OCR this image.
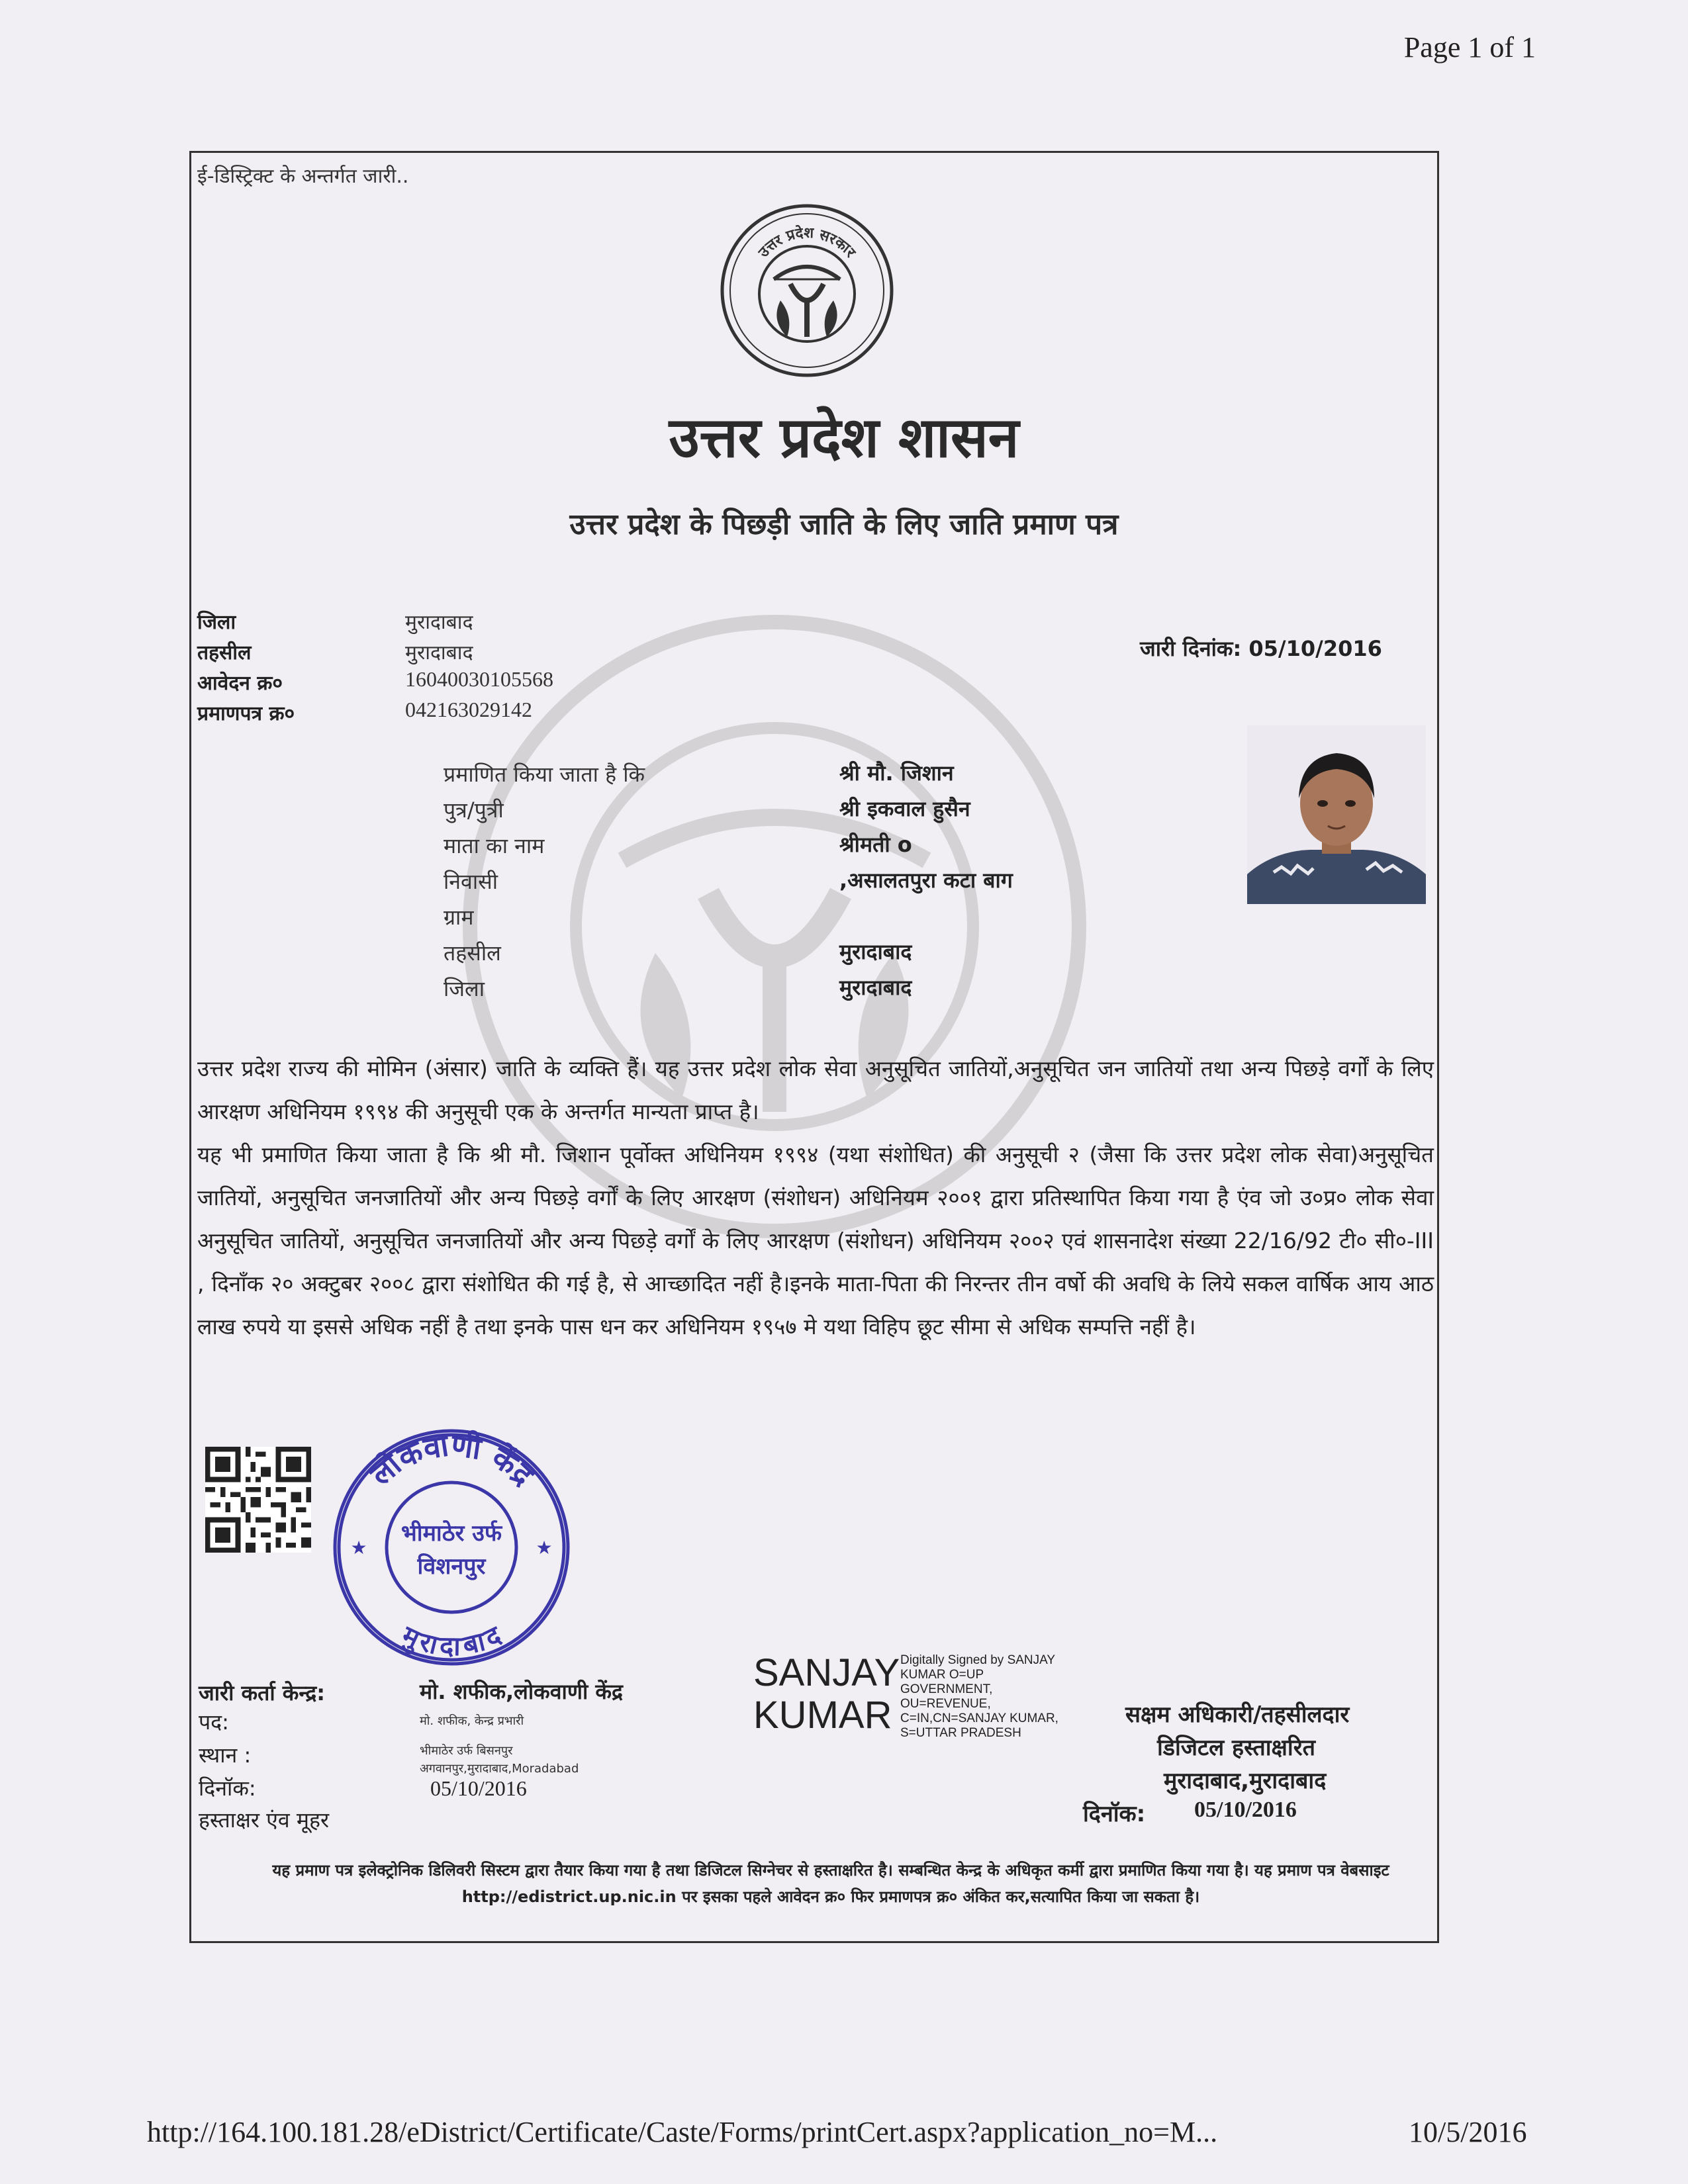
Page 1 of 1
ई-डिस्ट्रिक्ट के अन्तर्गत जारी..
उत्तर प्रदेश सरकार
उत्तर प्रदेश शासन
उत्तर प्रदेश के पिछड़ी जाति के लिए जाति प्रमाण पत्र
जिला	मुरादाबाद
तहसील	मुरादाबाद
आवेदन क्र०	16040030105568
प्रमाणपत्र क्र०	042163029142
जारी दिनांक: 05/10/2016
प्रमाणित किया जाता है कि	श्री मौ. जिशान
पुत्र/पुत्री	श्री इकवाल हुसैन
माता का नाम	श्रीमती o
निवासी	,असालतपुरा कटा बाग
ग्राम
तहसील	मुरादाबाद
जिला	मुरादाबाद

उत्तर प्रदेश राज्य की मोमिन (अंसार) जाति के व्यक्ति हैं। यह उत्तर प्रदेश लोक सेवा अनुसूचित जातियों,अनुसूचित जन जातियों तथा अन्य पिछड़े वर्गों के लिए आरक्षण अधिनियम १९९४ की अनुसूची एक के अन्तर्गत मान्यता प्राप्त है।

यह भी प्रमाणित किया जाता है कि श्री मौ. जिशान पूर्वोक्त अधिनियम १९९४ (यथा संशोधित) की अनुसूची २ (जैसा कि उत्तर प्रदेश लोक सेवा)अनुसूचित जातियों, अनुसूचित जनजातियों और अन्य पिछड़े वर्गों के लिए आरक्षण (संशोधन) अधिनियम २००१ द्वारा प्रतिस्थापित किया गया है एंव जो उ०प्र० लोक सेवा अनुसूचित जातियों, अनुसूचित जनजातियों और अन्य पिछड़े वर्गों के लिए आरक्षण (संशोधन) अधिनियम २००२ एवं शासनादेश संख्या 22/16/92 टी० सी०-III , दिनाँक २० अक्टुबर २००८ द्वारा संशोधित की गई है, से आच्छादित नहीं है।इनके माता-पिता की निरन्तर तीन वर्षो की अवधि के लिये सकल वार्षिक आय आठ लाख रुपये या इससे अधिक नहीं है तथा इनके पास धन कर अधिनियम १९५७ मे यथा विहिप छूट सीमा से अधिक सम्पत्ति नहीं है।

लोकवाणी केंद्र
मुरादाबाद
भीमाठेर उर्फ
विशनपुर
★	★
जारी कर्ता केन्द्र:	मो. शफीक,लोकवाणी केंद्र
पद:	मो. शफीक, केन्द्र प्रभारी
स्थान :	भीमाठेर उर्फ बिसनपुर
अगवानपुर,मुरादाबाद,Moradabad
दिनॉक:	05/10/2016
हस्ताक्षर एंव मूहर
SANJAY
KUMAR
Digitally Signed by SANJAY KUMAR O=UP GOVERNMENT, OU=REVENUE, C=IN,CN=SANJAY KUMAR, S=UTTAR PRADESH
सक्षम अधिकारी/तहसीलदार
डिजिटल हस्ताक्षरित
मुरादाबाद,मुरादाबाद
दिनॉक: 05/10/2016
यह प्रमाण पत्र इलेक्ट्रोनिक डिलिवरी सिस्टम द्वारा तैयार किया गया है तथा डिजिटल सिग्नेचर से हस्ताक्षरित है। सम्बन्धित केन्द्र के अधिकृत कर्मी द्वारा प्रमाणित किया गया है। यह प्रमाण पत्र वेबसाइट http://edistrict.up.nic.in पर इसका पहले आवेदन क्र० फिर प्रमाणपत्र क्र० अंकित कर,सत्यापित किया जा सकता है।
http://164.100.181.28/eDistrict/Certificate/Caste/Forms/printCert.aspx?application_no=M...	10/5/2016
